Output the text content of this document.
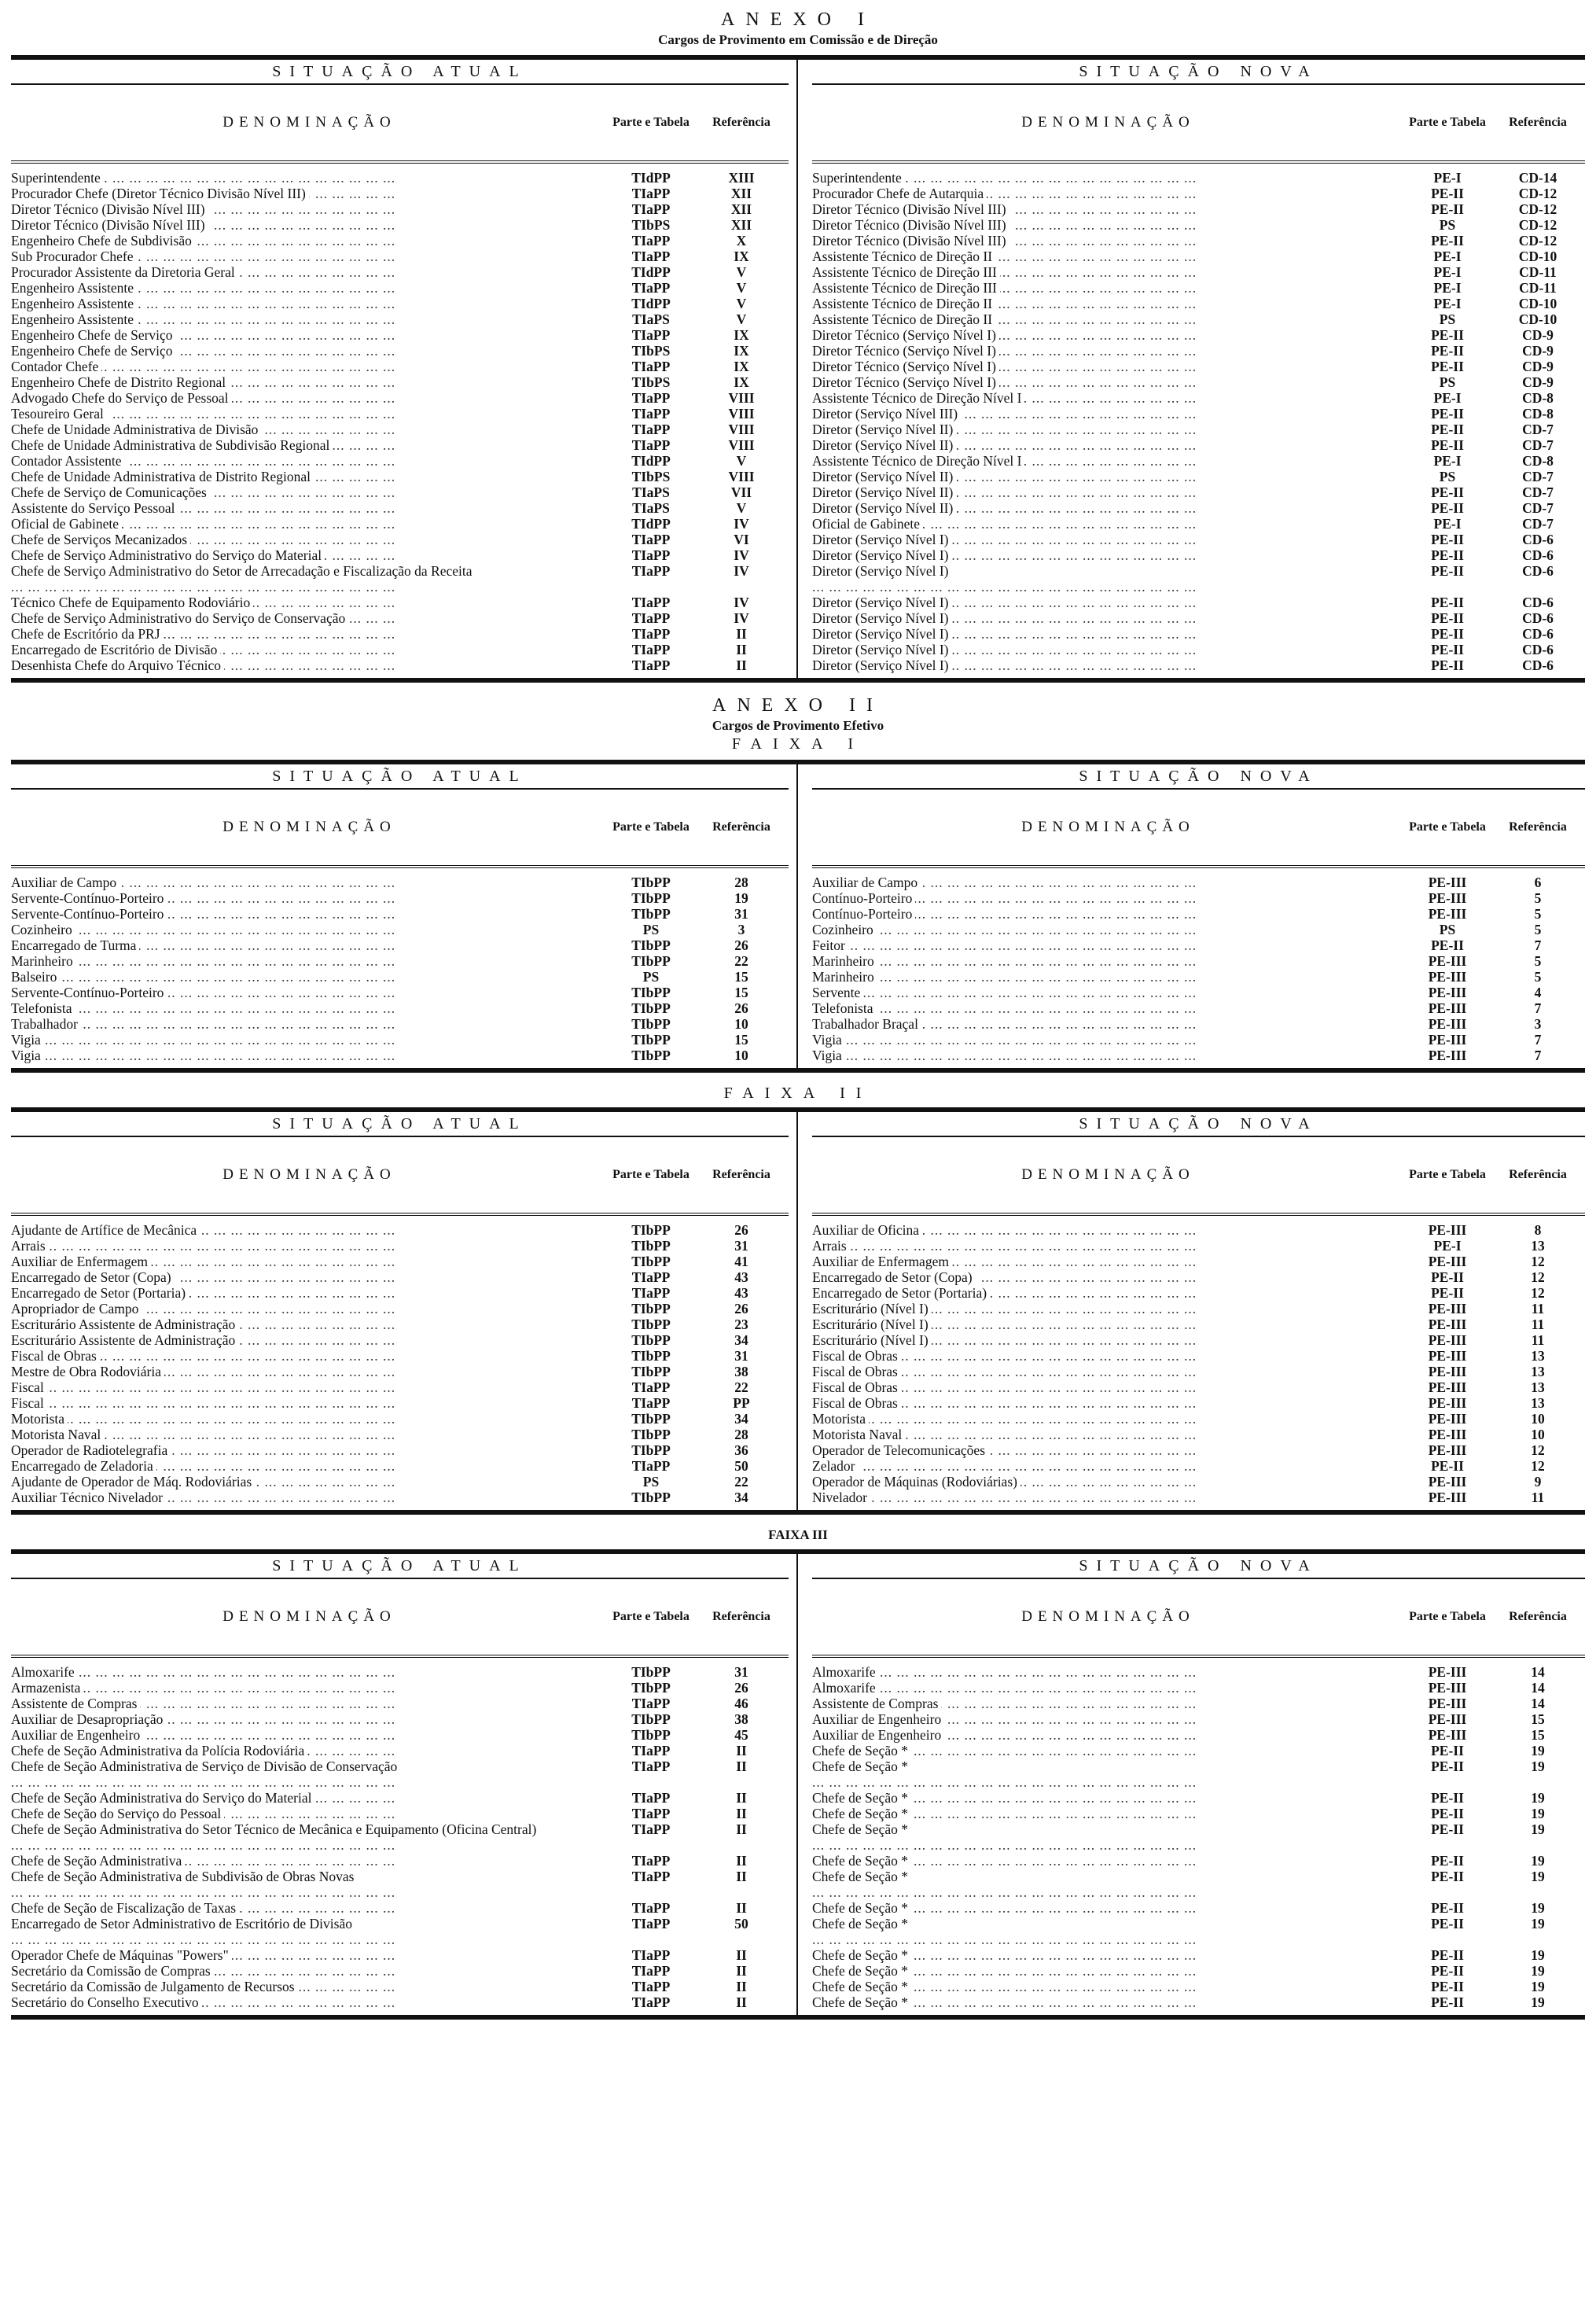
ANEXO I
Cargos de Provimento em Comissão e de Direção
SITUAÇÃO ATUAL
DENOMINAÇÃO	Parte e Tabela	Referência
Superintendente ... .	TIdPP	XIII
Procurador Chefe (Diretor Técnico Divisão Nível III) ... .	TIaPP	XII
Diretor Técnico (Divisão Nível III) ... .	TIaPP	XII
Diretor Técnico (Divisão Nível III) ... .	TIbPS	XII
Engenheiro Chefe de Subdivisão ... .	TIaPP	X
Sub Procurador Chefe ... .	TIaPP	IX
Procurador Assistente da Diretoria Geral ... .	TIdPP	V
Engenheiro Assistente ... .	TIaPP	V
Engenheiro Assistente ... .	TIdPP	V
Engenheiro Assistente ... .	TIaPS	V
Engenheiro Chefe de Serviço ... .	TIaPP	IX
Engenheiro Chefe de Serviço ... .	TIbPS	IX
Contador Chefe ... .	TIaPP	IX
Engenheiro Chefe de Distrito Regional ... .	TIbPS	IX
Advogado Chefe do Serviço de Pessoal ... .	TIaPP	VIII
Tesoureiro Geral ... .	TIaPP	VIII
Chefe de Unidade Administrativa de Divisão ... .	TIaPP	VIII
Chefe de Unidade Administrativa de Subdivisão Regional ... .	TIaPP	VIII
Contador Assistente ... .	TIdPP	V
Chefe de Unidade Administrativa de Distrito Regional ... .	TIbPS	VIII
Chefe de Serviço de Comunicações ... .	TIaPS	VII
Assistente do Serviço Pessoal ... .	TIaPS	V
Oficial de Gabinete ... .	TIdPP	IV
Chefe de Serviços Mecanizados ... .	TIaPP	VI
Chefe de Serviço Administrativo do Serviço do Material ... .	TIaPP	IV
Chefe de Serviço Administrativo do Setor de Arrecadação e Fiscalização da Receita ... .	TIaPP	IV
Técnico Chefe de Equipamento Rodoviário ... .	TIaPP	IV
Chefe de Serviço Administrativo do Serviço de Conservação ... .	TIaPP	IV
Chefe de Escritório da PRJ ... .	TIaPP	II
Encarregado de Escritório de Divisão ... .	TIaPP	II
Desenhista Chefe do Arquivo Técnico ... .	TIaPP	II
SITUAÇÃO NOVA
DENOMINAÇÃO	Parte e Tabela	Referência
Superintendente ... .	PE-I	CD-14
Procurador Chefe de Autarquia ... .	PE-II	CD-12
Diretor Técnico (Divisão Nível III) ... .	PE-II	CD-12
Diretor Técnico (Divisão Nível III) ... .	PS	CD-12
Diretor Técnico (Divisão Nível III) ... .	PE-II	CD-12
Assistente Técnico de Direção II ... .	PE-I	CD-10
Assistente Técnico de Direção III ... .	PE-I	CD-11
Assistente Técnico de Direção III ... .	PE-I	CD-11
Assistente Técnico de Direção II ... .	PE-I	CD-10
Assistente Técnico de Direção II ... .	PS	CD-10
Diretor Técnico (Serviço Nível I) ... .	PE-II	CD-9
Diretor Técnico (Serviço Nível I) ... .	PE-II	CD-9
Diretor Técnico (Serviço Nível I) ... .	PE-II	CD-9
Diretor Técnico (Serviço Nível I) ... .	PS	CD-9
Assistente Técnico de Direção Nível I ... .	PE-I	CD-8
Diretor (Serviço Nível III) ... .	PE-II	CD-8
Diretor (Serviço Nível II) ... .	PE-II	CD-7
Diretor (Serviço Nível II) ... .	PE-II	CD-7
Assistente Técnico de Direção Nível I ... .	PE-I	CD-8
Diretor (Serviço Nível II) ... .	PS	CD-7
Diretor (Serviço Nível II) ... .	PE-II	CD-7
Diretor (Serviço Nível II) ... .	PE-II	CD-7
Oficial de Gabinete ... .	PE-I	CD-7
Diretor (Serviço Nível I) ... .	PE-II	CD-6
Diretor (Serviço Nível I) ... .	PE-II	CD-6
Diretor (Serviço Nível I) ... .	PE-II	CD-6
Diretor (Serviço Nível I) ... .	PE-II	CD-6
Diretor (Serviço Nível I) ... .	PE-II	CD-6
Diretor (Serviço Nível I) ... .	PE-II	CD-6
Diretor (Serviço Nível I) ... .	PE-II	CD-6
Diretor (Serviço Nível I) ... .	PE-II	CD-6
ANEXO II
Cargos de Provimento Efetivo
FAIXA I
SITUAÇÃO ATUAL
DENOMINAÇÃO	Parte e Tabela	Referência
Auxiliar de Campo ... .	TIbPP	28
Servente-Contínuo-Porteiro ... .	TIbPP	19
Servente-Contínuo-Porteiro ... .	TIbPP	31
Cozinheiro ... .	PS	3
Encarregado de Turma ... .	TIbPP	26
Marinheiro ... .	TIbPP	22
Balseiro ... .	PS	15
Servente-Contínuo-Porteiro ... .	TIbPP	15
Telefonista ... .	TIbPP	26
Trabalhador ... .	TIbPP	10
Vigia ... .	TIbPP	15
Vigia ... .	TIbPP	10
SITUAÇÃO NOVA
DENOMINAÇÃO	Parte e Tabela	Referência
Auxiliar de Campo ... .	PE-III	6
Contínuo-Porteiro ... .	PE-III	5
Contínuo-Porteiro ... .	PE-III	5
Cozinheiro ... .	PS	5
Feitor ... .	PE-II	7
Marinheiro ... .	PE-III	5
Marinheiro ... .	PE-III	5
Servente ... .	PE-III	4
Telefonista ... .	PE-III	7
Trabalhador Braçal ... .	PE-III	3
Vigia ... .	PE-III	7
Vigia ... .	PE-III	7
FAIXA II
SITUAÇÃO ATUAL
DENOMINAÇÃO	Parte e Tabela	Referência
Ajudante de Artífice de Mecânica ... .	TIbPP	26
Arrais ... .	TIbPP	31
Auxiliar de Enfermagem ... .	TIbPP	41
Encarregado de Setor (Copa) ... .	TIaPP	43
Encarregado de Setor (Portaria) ... .	TIaPP	43
Apropriador de Campo ... .	TIbPP	26
Escriturário Assistente de Administração ... .	TIbPP	23
Escriturário Assistente de Administração ... .	TIbPP	34
Fiscal de Obras ... .	TIbPP	31
Mestre de Obra Rodoviária ... .	TIbPP	38
Fiscal ... .	TIaPP	22
Fiscal ... .	TIaPP	PP
Motorista ... .	TIbPP	34
Motorista Naval ... .	TIbPP	28
Operador de Radiotelegrafia ... .	TIbPP	36
Encarregado de Zeladoria ... .	TIaPP	50
Ajudante de Operador de Máq. Rodoviárias ... .	PS	22
Auxiliar Técnico Nivelador ... .	TIbPP	34
SITUAÇÃO NOVA
DENOMINAÇÃO	Parte e Tabela	Referência
Auxiliar de Oficina ... .	PE-III	8
Arrais ... .	PE-I	13
Auxiliar de Enfermagem ... .	PE-III	12
Encarregado de Setor (Copa) ... .	PE-II	12
Encarregado de Setor (Portaria) ... .	PE-II	12
Escriturário (Nível I) ... .	PE-III	11
Escriturário (Nível I) ... .	PE-III	11
Escriturário (Nível I) ... .	PE-III	11
Fiscal de Obras ... .	PE-III	13
Fiscal de Obras ... .	PE-III	13
Fiscal de Obras ... .	PE-III	13
Fiscal de Obras ... .	PE-III	13
Motorista ... .	PE-III	10
Motorista Naval ... .	PE-III	10
Operador de Telecomunicações ... .	PE-III	12
Zelador ... .	PE-II	12
Operador de Máquinas (Rodoviárias) ... .	PE-III	9
Nivelador ... .	PE-III	11
FAIXA III
SITUAÇÃO ATUAL
DENOMINAÇÃO	Parte e Tabela	Referência
Almoxarife ... .	TIbPP	31
Armazenista ... .	TIbPP	26
Assistente de Compras ... .	TIaPP	46
Auxiliar de Desapropriação ... .	TIbPP	38
Auxiliar de Engenheiro ... .	TIbPP	45
Chefe de Seção Administrativa da Polícia Rodoviária ... .	TIaPP	II
Chefe de Seção Administrativa de Serviço de Divisão de Conservação ... .	TIaPP	II
Chefe de Seção Administrativa do Serviço do Material ... .	TIaPP	II
Chefe de Seção do Serviço do Pessoal ... .	TIaPP	II
Chefe de Seção Administrativa do Setor Técnico de Mecânica e Equipamento (Oficina Central) ... .	TIaPP	II
Chefe de Seção Administrativa ... .	TIaPP	II
Chefe de Seção Administrativa de Subdivisão de Obras Novas ... .	TIaPP	II
Chefe de Seção de Fiscalização de Taxas ... .	TIaPP	II
Encarregado de Setor Administrativo de Escritório de Divisão ... .	TIaPP	50
Operador Chefe de Máquinas "Powers" ... .	TIaPP	II
Secretário da Comissão de Compras ... .	TIaPP	II
Secretário da Comissão de Julgamento de Recursos ... .	TIaPP	II
Secretário do Conselho Executivo ... .	TIaPP	II
SITUAÇÃO NOVA
DENOMINAÇÃO	Parte e Tabela	Referência
Almoxarife ... .	PE-III	14
Almoxarife ... .	PE-III	14
Assistente de Compras ... .	PE-III	14
Auxiliar de Engenheiro ... .	PE-III	15
Auxiliar de Engenheiro ... .	PE-III	15
Chefe de Seção * ... .	PE-II	19
Chefe de Seção * ... .	PE-II	19
Chefe de Seção * ... .	PE-II	19
Chefe de Seção * ... .	PE-II	19
Chefe de Seção * ... .	PE-II	19
Chefe de Seção * ... .	PE-II	19
Chefe de Seção * ... .	PE-II	19
Chefe de Seção * ... .	PE-II	19
Chefe de Seção * ... .	PE-II	19
Chefe de Seção * ... .	PE-II	19
Chefe de Seção * ... .	PE-II	19
Chefe de Seção * ... .	PE-II	19
Chefe de Seção * ... .	PE-II	19
